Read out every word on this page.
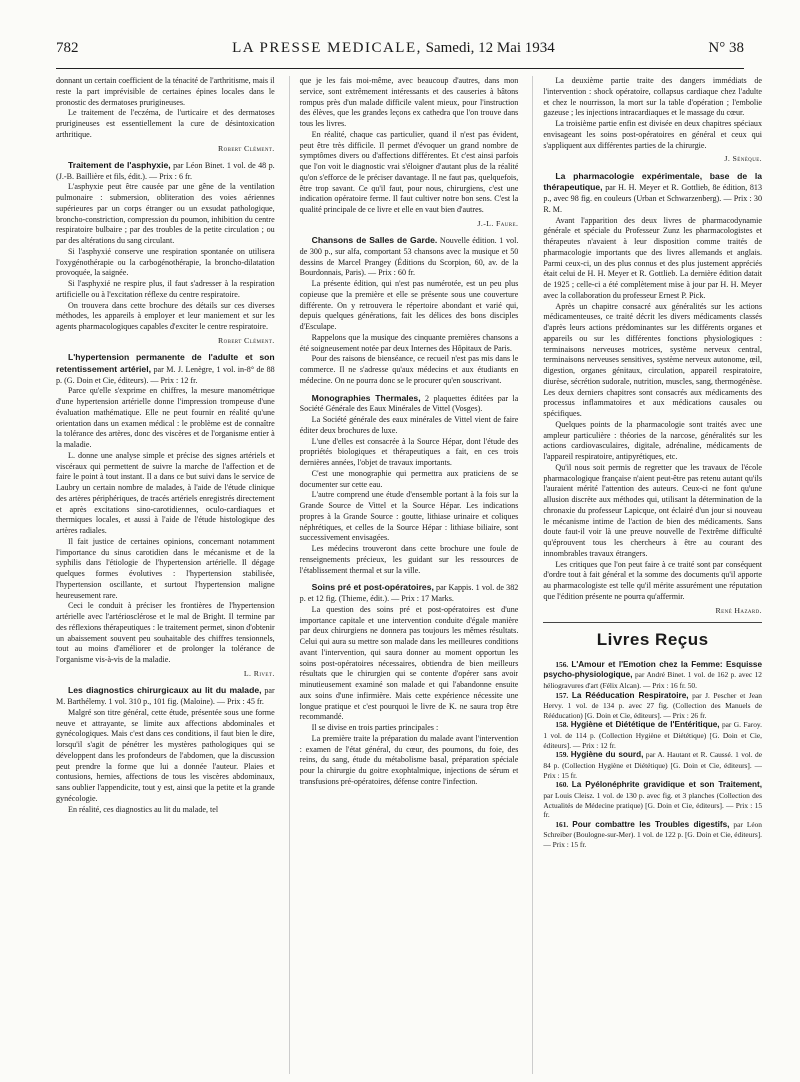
782	LA PRESSE MEDICALE, Samedi, 12 Mai 1934	N° 38

donnant un certain coefficient de la ténacité de l'arthritisme, mais il reste la part imprévisible de certaines épines locales dans le pronostic des dermatoses prurigineuses.

Le traitement de l'eczéma, de l'urticaire et des dermatoses prurigineuses est essentiellement la cure de désintoxication arthritique.

Robert Clément.

Traitement de l'asphyxie, par Léon Binet. 1 vol. de 48 p. (J.-B. Baillière et fils, édit.). — Prix : 6 fr.

L'asphyxie peut être causée par une gêne de la ventilation pulmonaire : submersion, obliteration des voies aériennes supérieures par un corps étranger ou un exsudat pathologique, broncho-constriction, compression du poumon, inhibition du centre respiratoire bulbaire ; par des troubles de la petite circulation ; ou par des altérations du sang circulant.

Si l'asphyxié conserve une respiration spontanée on utilisera l'oxygénothérapie ou la carbogénothérapie, la broncho-dilatation provoquée, la saignée.

Si l'asphyxié ne respire plus, il faut s'adresser à la respiration artificielle ou à l'excitation réflexe du centre respiratoire.

On trouvera dans cette brochure des détails sur ces diverses méthodes, les appareils à employer et leur maniement et sur les agents pharmacologiques capables d'exciter le centre respiratoire.

Robert Clément.

L'hypertension permanente de l'adulte et son retentissement artériel, par M. J. Lenègre, 1 vol. in-8° de 88 p. (G. Doin et Cie, éditeurs). — Prix : 12 fr.

Parce qu'elle s'exprime en chiffres, la mesure manométrique d'une hypertension artérielle donne l'impression trompeuse d'une évaluation mathématique. Elle ne peut fournir en réalité qu'une orientation dans un examen médical : le problème est de connaître la tolérance des artères, donc des viscères et de l'organisme entier à la maladie.

L. donne une analyse simple et précise des signes artériels et viscéraux qui permettent de suivre la marche de l'affection et de faire le point à tout instant. Il a dans ce but suivi dans le service de Laubry un certain nombre de malades, à l'aide de l'étude clinique des artères périphériques, de tracés artériels enregistrés directement et après excitations sino-carotidiennes, oculo-cardiaques et thermiques locales, et aussi à l'aide de l'étude histologique des artères radiales.

Il fait justice de certaines opinions, concernant notamment l'importance du sinus carotidien dans le mécanisme et de la syphilis dans l'étiologie de l'hypertension artérielle. Il dégage quelques formes évolutives : l'hypertension stabilisée, l'hypertension oscillante, et surtout l'hypertension maligne heureusement rare.

Ceci le conduit à préciser les frontières de l'hypertension artérielle avec l'artériosclérose et le mal de Bright. Il termine par des réflexions thérapeutiques : le traitement permet, sinon d'obtenir un abaissement souvent peu souhaitable des chiffres tensionnels, tout au moins d'améliorer et de prolonger la tolérance de l'organisme vis-à-vis de la maladie.

L. Rivet.

Les diagnostics chirurgicaux au lit du malade, par M. Barthélemy. 1 vol. 310 p., 101 fig. (Maloine). — Prix : 45 fr.

Malgré son titre général, cette étude, présentée sous une forme neuve et attrayante, se limite aux affections abdominales et gynécologiques. Mais c'est dans ces conditions, il faut bien le dire, lorsqu'il s'agit de pénétrer les mystères pathologiques qui se développent dans les profondeurs de l'abdomen, que la discussion peut prendre la forme que lui a donnée l'auteur. Plaies et contusions, hernies, affections de tous les viscères abdominaux, sans oublier l'appendicite, tout y est, ainsi que la petite et la grande gynécologie.

En réalité, ces diagnostics au lit du malade, tel

que je les fais moi-même, avec beaucoup d'autres, dans mon service, sont extrêmement intéressants et des causeries à bâtons rompus près d'un malade difficile valent mieux, pour l'instruction des élèves, que les grandes leçons ex cathedra que l'on trouve dans tous les livres.

En réalité, chaque cas particulier, quand il n'est pas évident, peut être très difficile. Il permet d'évoquer un grand nombre de symptômes divers ou d'affections différentes. Et c'est ainsi parfois que l'on voit le diagnostic vrai s'éloigner d'autant plus de la réalité qu'on s'efforce de le préciser davantage. Il ne faut pas, quelquefois, être trop savant. Ce qu'il faut, pour nous, chirurgiens, c'est une indication opératoire ferme. Il faut cultiver notre bon sens. C'est la qualité principale de ce livre et elle en vaut bien d'autres.

J.-L. Faure.

Chansons de Salles de Garde. Nouvelle édition. 1 vol. de 300 p., sur alfa, comportant 53 chansons avec la musique et 50 dessins de Marcel Prangey (Éditions du Scorpion, 60, av. de la Bourdonnais, Paris). — Prix : 60 fr.

La présente édition, qui n'est pas numérotée, est un peu plus copieuse que la première et elle se présente sous une couverture différente. On y retrouvera le répertoire abondant et varié qui, depuis quelques générations, fait les délices des bons disciples d'Esculape.

Rappelons que la musique des cinquante premières chansons a été soigneusement notée par deux Internes des Hôpitaux de Paris.

Pour des raisons de bienséance, ce recueil n'est pas mis dans le commerce. Il ne s'adresse qu'aux médecins et aux étudiants en médecine. On ne pourra donc se le procurer qu'en souscrivant.

Monographies Thermales, 2 plaquettes éditées par la Société Générale des Eaux Minérales de Vittel (Vosges).

La Société générale des eaux minérales de Vittel vient de faire éditer deux brochures de luxe.

L'une d'elles est consacrée à la Source Hépar, dont l'étude des propriétés biologiques et thérapeutiques a fait, en ces trois dernières années, l'objet de travaux importants.

C'est une monographie qui permettra aux praticiens de se documenter sur cette eau.

L'autre comprend une étude d'ensemble portant à la fois sur la Grande Source de Vittel et la Source Hépar. Les indications propres à la Grande Source : goutte, lithiase urinaire et coliques néphrétiques, et celles de la Source Hépar : lithiase biliaire, sont successivement envisagées.

Les médecins trouveront dans cette brochure une foule de renseignements précieux, les guidant sur les ressources de l'établissement thermal et sur la ville.

Soins pré et post-opératoires, par Kappis. 1 vol. de 382 p. et 12 fig. (Thieme, édit.). — Prix : 17 Marks.

La question des soins pré et post-opératoires est d'une importance capitale et une intervention conduite d'égale manière par deux chirurgiens ne donnera pas toujours les mêmes résultats. Celui qui aura su mettre son malade dans les meilleures conditions avant l'intervention, qui saura donner au moment opportun les soins post-opératoires nécessaires, obtiendra de bien meilleurs résultats que le chirurgien qui se contente d'opérer sans avoir minutieusement examiné son malade et qui l'abandonne ensuite aux soins d'une infirmière. Mais cette expérience nécessite une longue pratique et c'est pourquoi le livre de K. ne saura trop être recommandé.

Il se divise en trois parties principales :

La première traite la préparation du malade avant l'intervention : examen de l'état général, du cœur, des poumons, du foie, des reins, du sang, étude du métabolisme basal, préparation spéciale pour la chirurgie du goitre exophtalmique, injections de sérum et transfusions pré-opératoires, défense contre l'infection.

La deuxième partie traite des dangers immédiats de l'intervention : shock opératoire, collapsus cardiaque chez l'adulte et chez le nourrisson, la mort sur la table d'opération ; l'embolie gazeuse ; les injections intracardiaques et le massage du cœur.

La troisième partie enfin est divisée en deux chapitres spéciaux envisageant les soins post-opératoires en général et ceux qui s'appliquent aux différentes parties de la chirurgie.

J. Sénèque.

La pharmacologie expérimentale, base de la thérapeutique, par H. H. Meyer et R. Gottlieb, 8e édition, 813 p., avec 98 fig. en couleurs (Urban et Schwarzenberg). — Prix : 30 R. M.

Avant l'apparition des deux livres de pharmacodynamie générale et spéciale du Professeur Zunz les pharmacologistes et thérapeutes n'avaient à leur disposition comme traités de pharmacologie importants que des livres allemands et anglais. Parmi ceux-ci, un des plus connus et des plus justement appréciés était celui de H. H. Meyer et R. Gottlieb. La dernière édition datait de 1925 ; celle-ci a été complètement mise à jour par H. H. Meyer avec la collaboration du professeur Ernest P. Pick.

Après un chapitre consacré aux généralités sur les actions médicamenteuses, ce traité décrit les divers médicaments classés d'après leurs actions prédominantes sur les différents organes et appareils ou sur les différentes fonctions physiologiques : terminaisons nerveuses motrices, système nerveux central, terminaisons nerveuses sensitives, système nerveux autonome, œil, digestion, organes génitaux, circulation, appareil respiratoire, diurèse, sécrétion sudorale, nutrition, muscles, sang, thermogénèse. Les deux derniers chapitres sont consacrés aux médicaments des processus inflammatoires et aux médications causales ou spécifiques.

Quelques points de la pharmacologie sont traités avec une ampleur particulière : théories de la narcose, généralités sur les actions cardiovasculaires, digitale, adrénaline, médicaments de l'appareil respiratoire, antipyrétiques, etc.

Qu'il nous soit permis de regretter que les travaux de l'école pharmacologique française n'aient peut-être pas retenu autant qu'ils l'auraient mérité l'attention des auteurs. Ceux-ci ne font qu'une allusion discrète aux méthodes qui, utilisant la détermination de la chronaxie du professeur Lapicque, ont éclairé d'un jour si nouveau le mécanisme intime de l'action de bien des médicaments. Sans doute faut-il voir là une preuve nouvelle de l'extrême difficulté qu'éprouvent tous les chercheurs à être au courant des innombrables travaux étrangers.

Les critiques que l'on peut faire à ce traité sont par conséquent d'ordre tout à fait général et la somme des documents qu'il apporte au pharmacologiste est telle qu'il mérite assurément une réputation que l'édition présente ne pourra qu'affermir.

René Hazard.
Livres Reçus

156. L'Amour et l'Emotion chez la Femme: Esquisse psycho-physiologique, par André Binet. 1 vol. de 162 p. avec 12 héliogravures d'art (Félix Alcan). — Prix : 16 fr. 50.

157. La Rééducation Respiratoire, par J. Pescher et Jean Hervy. 1 vol. de 134 p. avec 27 fig. (Collection des Manuels de Rééducation) [G. Doin et Cie, éditeurs]. — Prix : 26 fr.

158. Hygiène et Diététique de l'Entéritique, par G. Faroy. 1 vol. de 114 p. (Collection Hygiène et Diététique) [G. Doin et Cie, éditeurs]. — Prix : 12 fr.

159. Hygiène du sourd, par A. Hautant et R. Caussé. 1 vol. de 84 p. (Collection Hygiène et Diététique) [G. Doin et Cie, éditeurs]. — Prix : 15 fr.

160. La Pyélonéphrite gravidique et son Traitement, par Louis Cleisz. 1 vol. de 130 p. avec fig. et 3 planches (Collection des Actualités de Médecine pratique) [G. Doin et Cie, éditeurs]. — Prix : 15 fr.

161. Pour combattre les Troubles digestifs, par Léon Schreiber (Boulogne-sur-Mer). 1 vol. de 122 p. [G. Doin et Cie, éditeurs]. — Prix : 15 fr.
